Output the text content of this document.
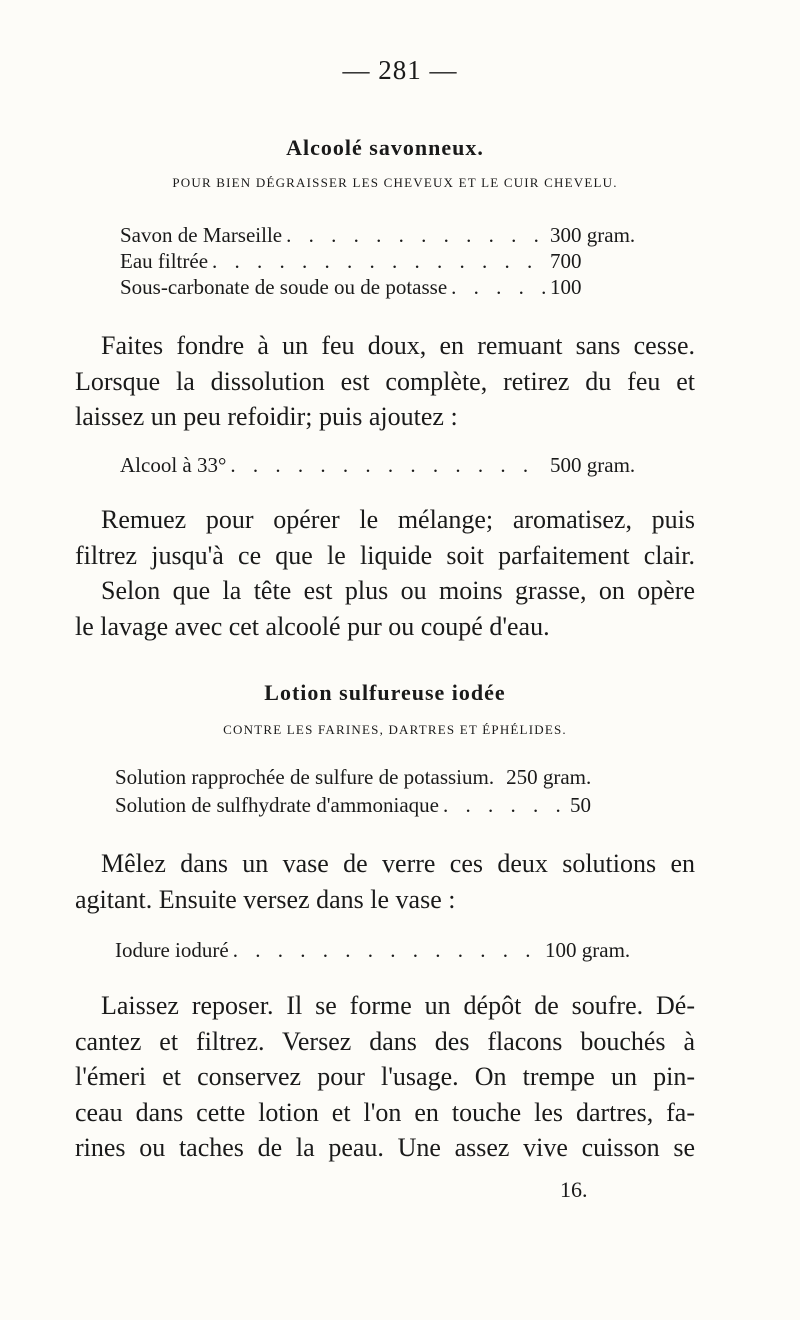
— 281 —
Alcoolé savonneux.
POUR BIEN DÉGRAISSER LES CHEVEUX ET LE CUIR CHEVELU.
Savon de Marseille . . .	300 gram.
Eau filtrée . . .	700
Sous-carbonate de soude ou de potasse . . .	100
Faites fondre à un feu doux, en remuant sans cesse.
Lorsque la dissolution est complète, retirez du feu et
laissez un peu refoidir; puis ajoutez :
Alcool à 33° . . .	500 gram.
Remuez pour opérer le mélange; aromatisez, puis
filtrez jusqu'à ce que le liquide soit parfaitement clair.
Selon que la tête est plus ou moins grasse, on opère
le lavage avec cet alcoolé pur ou coupé d'eau.
Lotion sulfureuse iodée
CONTRE LES FARINES, DARTRES ET ÉPHÉLIDES.
Solution rapprochée de sulfure de potassium. 250 gram.
Solution de sulfhydrate d'ammoniaque . . .	50
Mêlez dans un vase de verre ces deux solutions en
agitant. Ensuite versez dans le vase :
Iodure ioduré . . .	100 gram.
Laissez reposer. Il se forme un dépôt de soufre. Dé-
cantez et filtrez. Versez dans des flacons bouchés à
l'émeri et conservez pour l'usage. On trempe un pin-
ceau dans cette lotion et l'on en touche les dartres, fa-
rines ou taches de la peau. Une assez vive cuisson se
16.
